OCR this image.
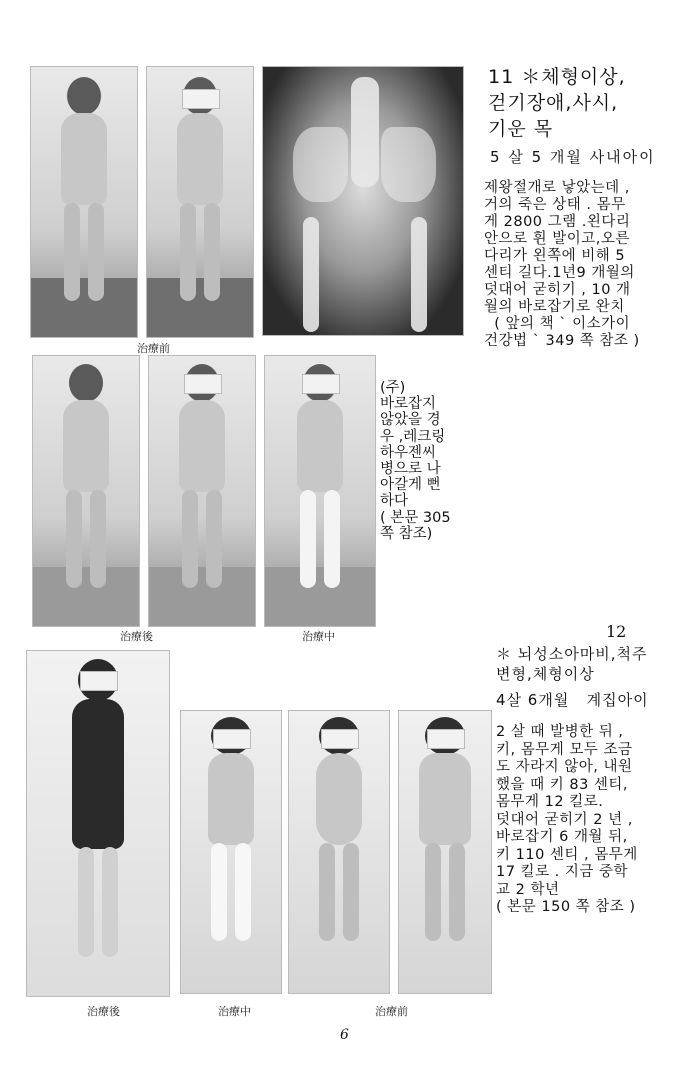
治療前
治療後	治療中
11 ＊체형이상,
걷기장애,사시,
기운 목
5 살 5 개월 사내아이
제왕절개로 낳았는데 ,
거의 죽은 상태 . 몸무
게 2800 그램 .왼다리
안으로 휜 발이고,오른
다리가 왼쪽에 비해 5
센티 길다.1년9 개월의
덧대어 굳히기 , 10 개
월의 바로잡기로 완치
( 앞의 책 ` 이소가이
건강법 ` 349 쪽 참조 )
(주)
바로잡지
않았을 경
우 ,레크링
하우젠씨
병으로 나
아갈게 뻔
하다
( 본문 305
쪽 참조)
治療後	治療中	治療前
12
＊ 뇌성소아마비,척주
변형,체형이상
4살 6개월   계집아이
2 살 때 발병한 뒤 ,
키, 몸무게 모두 조금
도 자라지 않아, 내원
했을 때 키 83 센티,
몸무게 12 킬로.
덧대어 굳히기 2 년 ,
바로잡기 6 개월 뒤,
키 110 센티 , 몸무게
17 킬로 . 지금 중학
교 2 학년
( 본문 150 쪽 참조 )
6
